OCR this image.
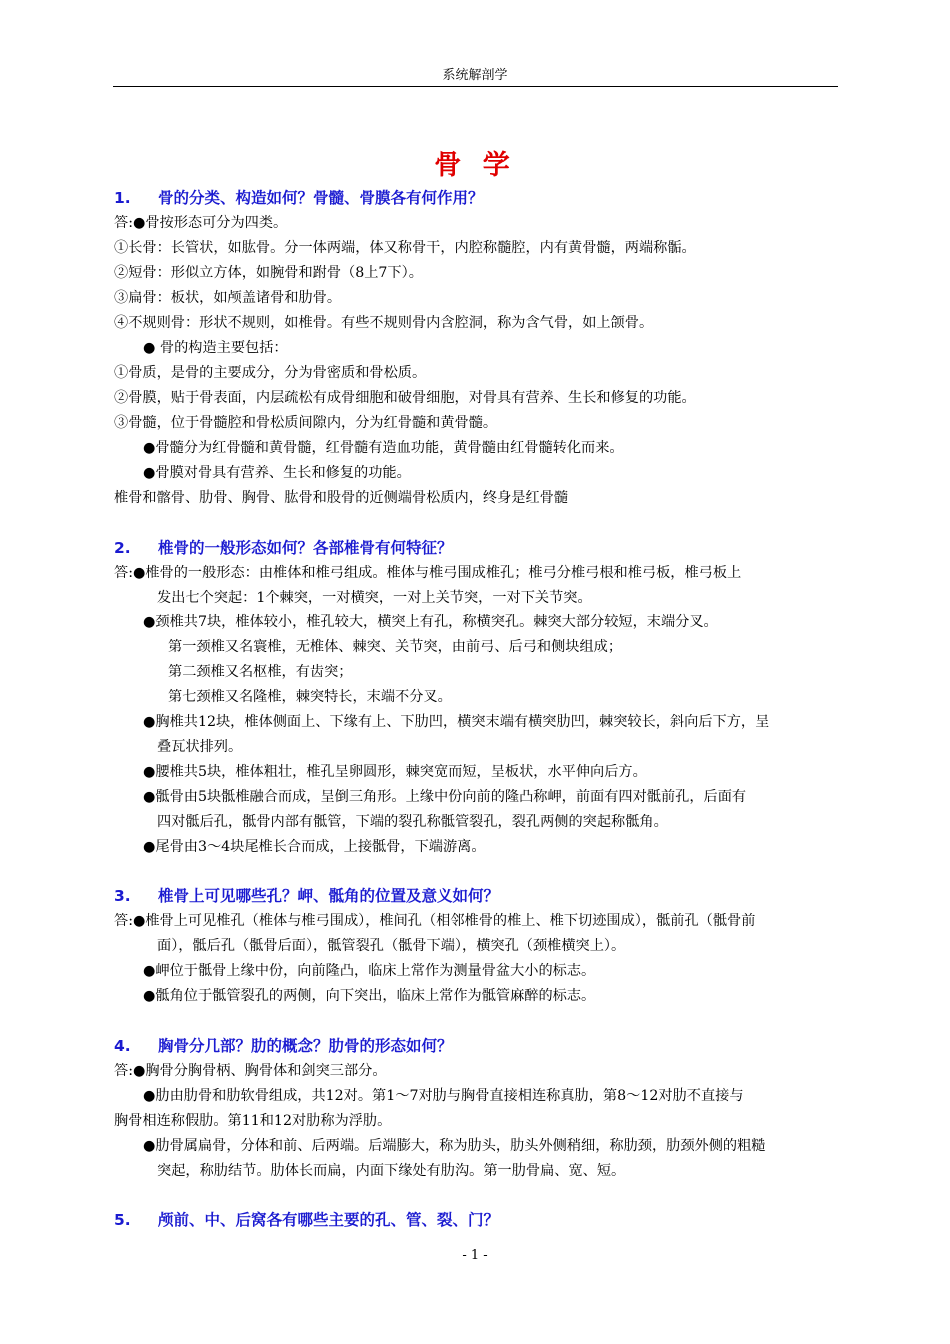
系统解剖学
骨 学
1. 骨的分类、构造如何？骨髓、骨膜各有何作用？
2. 椎骨的一般形态如何？各部椎骨有何特征？
3. 椎骨上可见哪些孔？岬、骶角的位置及意义如何？
4. 胸骨分几部？肋的概念？肋骨的形态如何？
5. 颅前、中、后窝各有哪些主要的孔、管、裂、门？
答:●骨按形态可分为四类。
①长骨：长管状，如肱骨。分一体两端，体又称骨干，内腔称髓腔，内有黄骨髓，两端称骺。
②短骨：形似立方体，如腕骨和跗骨（8上7下）。
③扁骨：板状，如颅盖诸骨和肋骨。
④不规则骨：形状不规则，如椎骨。有些不规则骨内含腔洞，称为含气骨，如上颌骨。
● 骨的构造主要包括：
①骨质，是骨的主要成分，分为骨密质和骨松质。
②骨膜，贴于骨表面，内层疏松有成骨细胞和破骨细胞，对骨具有营养、生长和修复的功能。
③骨髓，位于骨髓腔和骨松质间隙内，分为红骨髓和黄骨髓。
●骨髓分为红骨髓和黄骨髓，红骨髓有造血功能，黄骨髓由红骨髓转化而来。
●骨膜对骨具有营养、生长和修复的功能。
椎骨和髂骨、肋骨、胸骨、肱骨和股骨的近侧端骨松质内，终身是红骨髓
答:●椎骨的一般形态：由椎体和椎弓组成。椎体与椎弓围成椎孔；椎弓分椎弓根和椎弓板，椎弓板上
发出七个突起：1个棘突，一对横突，一对上关节突，一对下关节突。
●颈椎共7块，椎体较小，椎孔较大，横突上有孔，称横突孔。棘突大部分较短，末端分叉。
第一颈椎又名寰椎，无椎体、棘突、关节突，由前弓、后弓和侧块组成；
第二颈椎又名枢椎，有齿突；
第七颈椎又名隆椎，棘突特长，末端不分叉。
●胸椎共12块，椎体侧面上、下缘有上、下肋凹，横突末端有横突肋凹，棘突较长，斜向后下方，呈
叠瓦状排列。
●腰椎共5块，椎体粗壮，椎孔呈卵圆形，棘突宽而短，呈板状，水平伸向后方。
●骶骨由5块骶椎融合而成，呈倒三角形。上缘中份向前的隆凸称岬，前面有四对骶前孔，后面有
四对骶后孔，骶骨内部有骶管，下端的裂孔称骶管裂孔，裂孔两侧的突起称骶角。
●尾骨由3～4块尾椎长合而成，上接骶骨，下端游离。
答:●椎骨上可见椎孔（椎体与椎弓围成），椎间孔（相邻椎骨的椎上、椎下切迹围成），骶前孔（骶骨前
面），骶后孔（骶骨后面），骶管裂孔（骶骨下端），横突孔（颈椎横突上）。
●岬位于骶骨上缘中份，向前隆凸，临床上常作为测量骨盆大小的标志。
●骶角位于骶管裂孔的两侧，向下突出，临床上常作为骶管麻醉的标志。
答:●胸骨分胸骨柄、胸骨体和剑突三部分。
●肋由肋骨和肋软骨组成，共12对。第1～7对肋与胸骨直接相连称真肋，第8～12对肋不直接与
胸骨相连称假肋。第11和12对肋称为浮肋。
●肋骨属扁骨，分体和前、后两端。后端膨大，称为肋头，肋头外侧稍细，称肋颈，肋颈外侧的粗糙
突起，称肋结节。肋体长而扁，内面下缘处有肋沟。第一肋骨扁、宽、短。
- 1 -
